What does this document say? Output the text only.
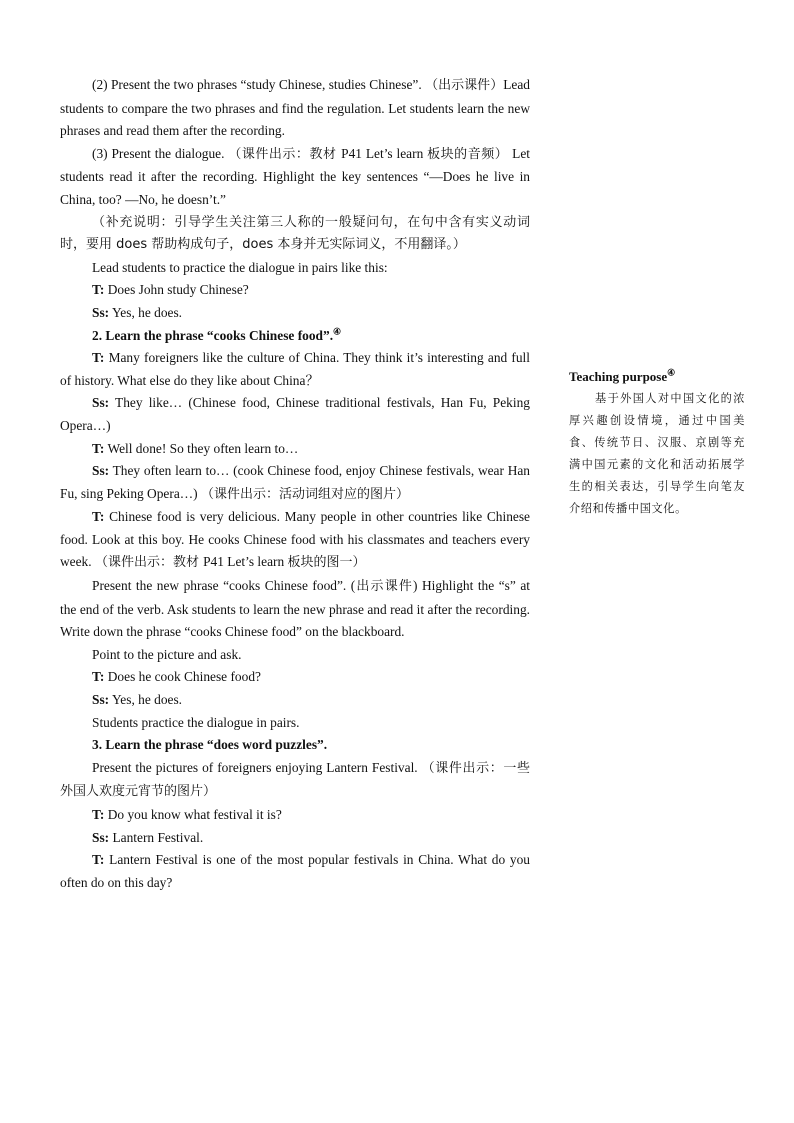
(2) Present the two phrases “study Chinese, studies Chinese”. （出示课件）Lead students to compare the two phrases and find the regulation. Let students learn the new phrases and read them after the recording.

(3) Present the dialogue. （课件出示：教材 P41 Let’s learn 板块的音频） Let students read it after the recording. Highlight the key sentences “—Does he live in China, too? —No, he doesn’t.”

（补充说明：引导学生关注第三人称的一般疑问句，在句中含有实义动词时，要用 does 帮助构成句子，does 本身并无实际词义，不用翻译。）

Lead students to practice the dialogue in pairs like this:

T: Does John study Chinese?

Ss: Yes, he does.

2. Learn the phrase “cooks Chinese food”.④

T: Many foreigners like the culture of China. They think it’s interesting and full of history. What else do they like about China？

Ss: They like… (Chinese food, Chinese traditional festivals, Han Fu, Peking Opera…)

T: Well done! So they often learn to…

Ss: They often learn to… (cook Chinese food, enjoy Chinese festivals, wear Han Fu, sing Peking Opera…) （课件出示：活动词组对应的图片）

T: Chinese food is very delicious. Many people in other countries like Chinese food. Look at this boy. He cooks Chinese food with his classmates and teachers every week. （课件出示：教材 P41 Let’s learn 板块的图一）

Present the new phrase “cooks Chinese food”. (出示课件) Highlight the “s” at the end of the verb. Ask students to learn the new phrase and read it after the recording. Write down the phrase “cooks Chinese food” on the blackboard.

Point to the picture and ask.

T: Does he cook Chinese food?

Ss: Yes, he does.

Students practice the dialogue in pairs.

3. Learn the phrase “does word puzzles”.

Present the pictures of foreigners enjoying Lantern Festival. （课件出示：一些外国人欢度元宵节的图片）

T: Do you know what festival it is?

Ss: Lantern Festival.

T: Lantern Festival is one of the most popular festivals in China. What do you often do on this day?

Teaching purpose④

基于外国人对中国文化的浓厚兴趣创设情境，通过中国美食、传统节日、汉服、京剧等充满中国元素的文化和活动拓展学生的相关表达，引导学生向笔友介绍和传播中国文化。
